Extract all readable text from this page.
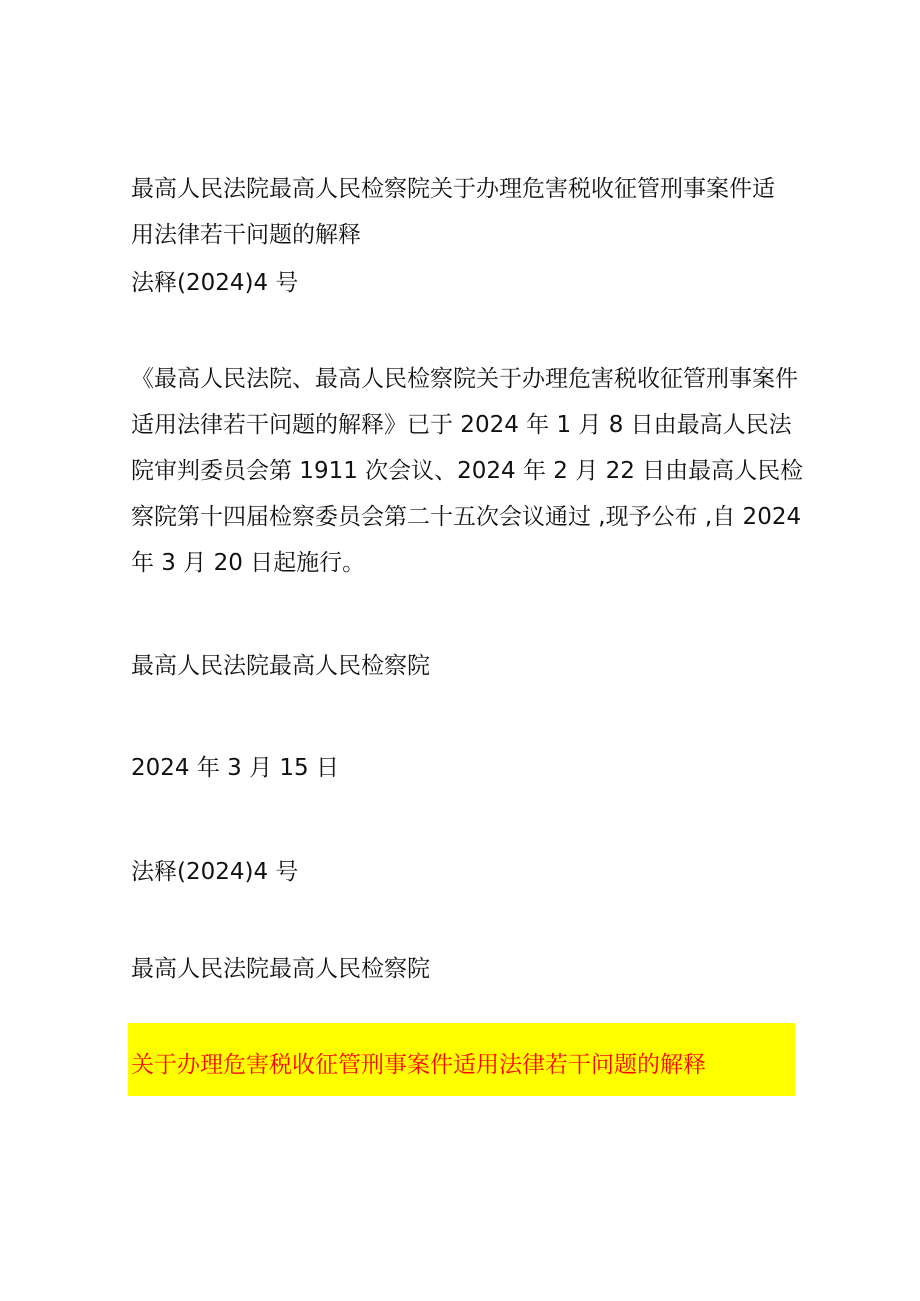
最高人民法院最高人民检察院关于办理危害税收征管刑事案件适
用法律若干问题的解释
法释(2024)4 号
《最高人民法院、最高人民检察院关于办理危害税收征管刑事案件
适用法律若干问题的解释》已于 2024 年 1 月 8 日由最高人民法
院审判委员会第 1911 次会议、2024 年 2 月 22 日由最高人民检
察院第十四届检察委员会第二十五次会议通过 ,现予公布 ,自 2024
年 3 月 20 日起施行。
最高人民法院最高人民检察院
2024 年 3 月 15 日
法释(2024)4 号
最高人民法院最高人民检察院
关于办理危害税收征管刑事案件适用法律若干问题的解释
